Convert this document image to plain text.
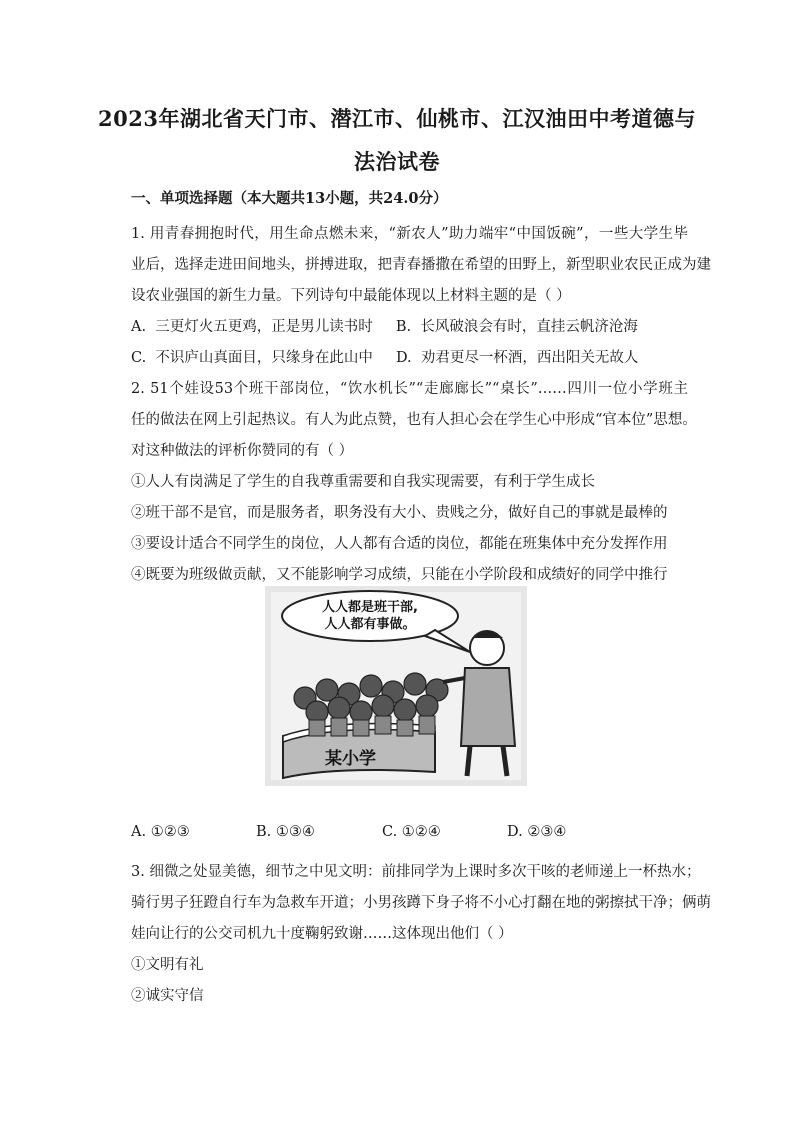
2023年湖北省天门市、潜江市、仙桃市、江汉油田中考道德与
法治试卷
一、单项选择题（本大题共13小题，共24.0分）
1. 用青春拥抱时代，用生命点燃未来，“新农人”助力端牢“中国饭碗”，一些大学生毕
业后，选择走进田间地头，拼搏进取，把青春播撒在希望的田野上，新型职业农民正成为建
设农业强国的新生力量。下列诗句中最能体现以上材料主题的是（ ）
A.  三更灯火五更鸡，正是男儿读书时     B.  长风破浪会有时，直挂云帆济沧海
C.  不识庐山真面目，只缘身在此山中     D.  劝君更尽一杯酒，西出阳关无故人
2. 51个娃设53个班干部岗位，“饮水机长”“走廊廊长”“桌长”……四川一位小学班主
任的做法在网上引起热议。有人为此点赞，也有人担心会在学生心中形成“官本位”思想。
对这种做法的评析你赞同的有（ ）
①人人有岗满足了学生的自我尊重需要和自我实现需要，有利于学生成长
②班干部不是官，而是服务者，职务没有大小、贵贱之分，做好自己的事就是最棒的
③要设计适合不同学生的岗位，人人都有合适的岗位，都能在班集体中充分发挥作用
④既要为班级做贡献，又不能影响学习成绩，只能在小学阶段和成绩好的同学中推行
人人都是班干部,
人人都有事做。
某小学
A. ①②③	B. ①③④	C. ①②④	D. ②③④
3. 细微之处显美德，细节之中见文明：前排同学为上课时多次干咳的老师递上一杯热水；
骑行男子狂蹬自行车为急救车开道；小男孩蹲下身子将不小心打翻在地的粥擦拭干净；俩萌
娃向让行的公交司机九十度鞠躬致谢……这体现出他们（ ）
①文明有礼
②诚实守信
